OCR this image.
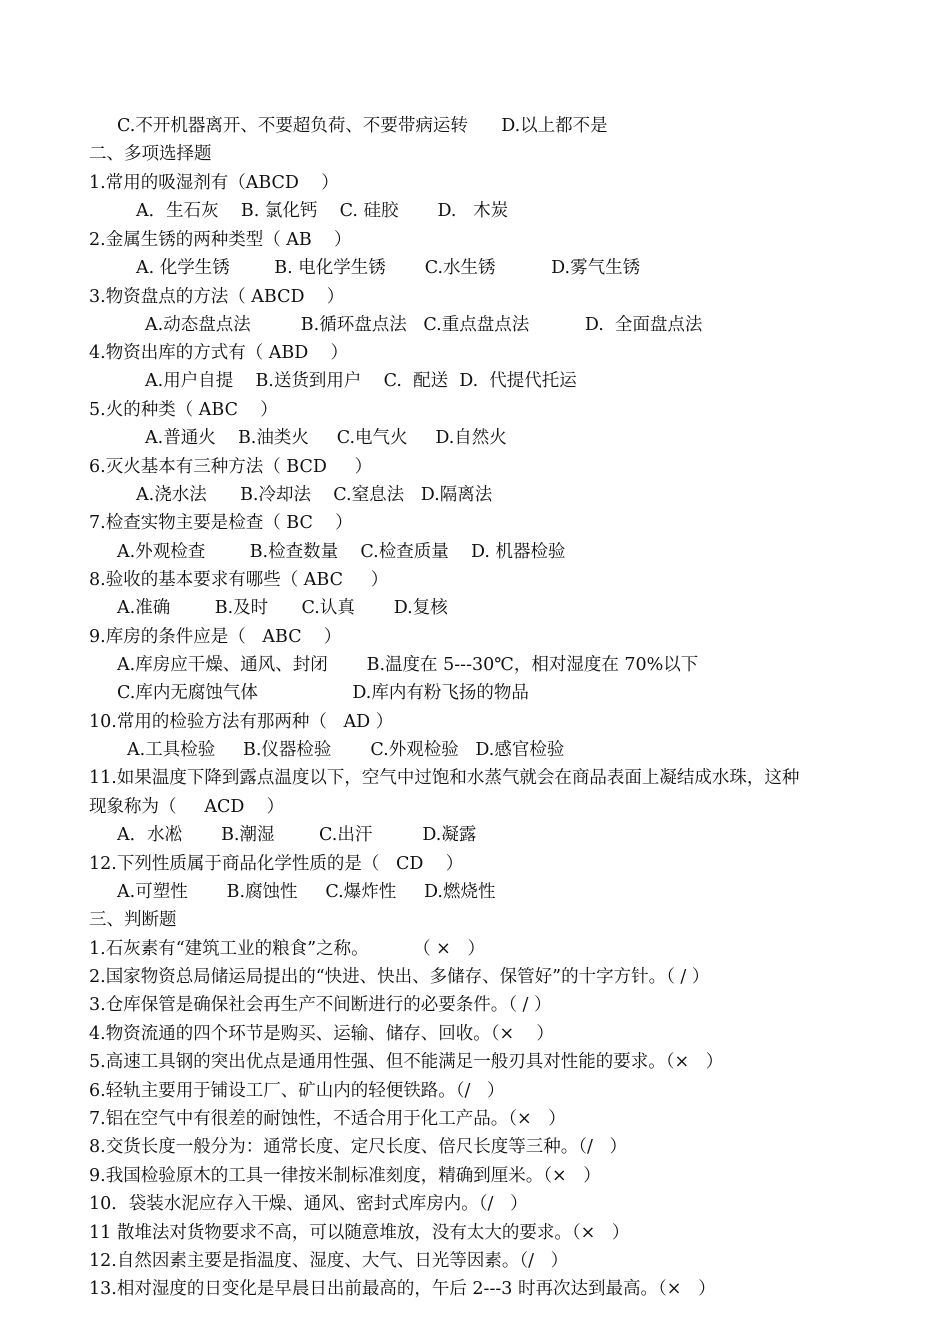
C.不开机器离开、不要超负荷、不要带病运转      D.以上都不是
二、多项选择题
1.常用的吸湿剂有（ABCD    ）
A．生石灰    B. 氯化钙    C. 硅胶       D.   木炭
2.金属生锈的两种类型（ AB    ）
A. 化学生锈        B. 电化学生锈       C.水生锈          D.雾气生锈
3.物资盘点的方法（ ABCD    ）
A.动态盘点法         B.循环盘点法   C.重点盘点法          D.  全面盘点法
4.物资出库的方式有（ ABD    ）
A.用户自提    B.送货到用户    C.  配送  D.  代提代托运
5.火的种类（ ABC    ）
A.普通火    B.油类火     C.电气火     D.自然火
6.灭火基本有三种方法（ BCD     ）
A.浇水法      B.冷却法    C.窒息法   D.隔离法
7.检查实物主要是检查（ BC    ）
A.外观检查        B.检查数量    C.检查质量    D. 机器检验
8.验收的基本要求有哪些（ ABC     ）
A.准确        B.及时      C.认真       D.复核
9.库房的条件应是（   ABC    ）
A.库房应干燥、通风、封闭       B.温度在 5---30℃，相对湿度在 70%以下
C.库内无腐蚀气体                 D.库内有粉飞扬的物品
10.常用的检验方法有那两种（   AD ）
A.工具检验     B.仪器检验       C.外观检验   D.感官检验
11.如果温度下降到露点温度以下，空气中过饱和水蒸气就会在商品表面上凝结成水珠，这种
现象称为（     ACD    ）
A．水凇       B.潮湿        C.出汗         D.凝露
12.下列性质属于商品化学性质的是（   CD    ）
A.可塑性       B.腐蚀性     C.爆炸性     D.燃烧性
三、判断题
1.石灰素有“建筑工业的粮食”之称。        （ ×   ）
2.国家物资总局储运局提出的“快进、快出、多储存、保管好”的十字方针。（ / ）
3.仓库保管是确保社会再生产不间断进行的必要条件。（ / ）
4.物资流通的四个环节是购买、运输、储存、回收。（×    ）
5.高速工具钢的突出优点是通用性强、但不能满足一般刃具对性能的要求。（×   ）
6.轻轨主要用于铺设工厂、矿山内的轻便铁路。（/   ）
7.铝在空气中有很差的耐蚀性，不适合用于化工产品。（×   ）
8.交货长度一般分为：通常长度、定尺长度、倍尺长度等三种。（/   ）
9.我国检验原木的工具一律按米制标准刻度，精确到厘米。（×   ）
10．袋装水泥应存入干燥、通风、密封式库房内。（/   ）
11 散堆法对货物要求不高，可以随意堆放，没有太大的要求。（×   ）
12.自然因素主要是指温度、湿度、大气、日光等因素。（/   ）
13.相对湿度的日变化是早晨日出前最高的，午后 2---3 时再次达到最高。（×   ）
